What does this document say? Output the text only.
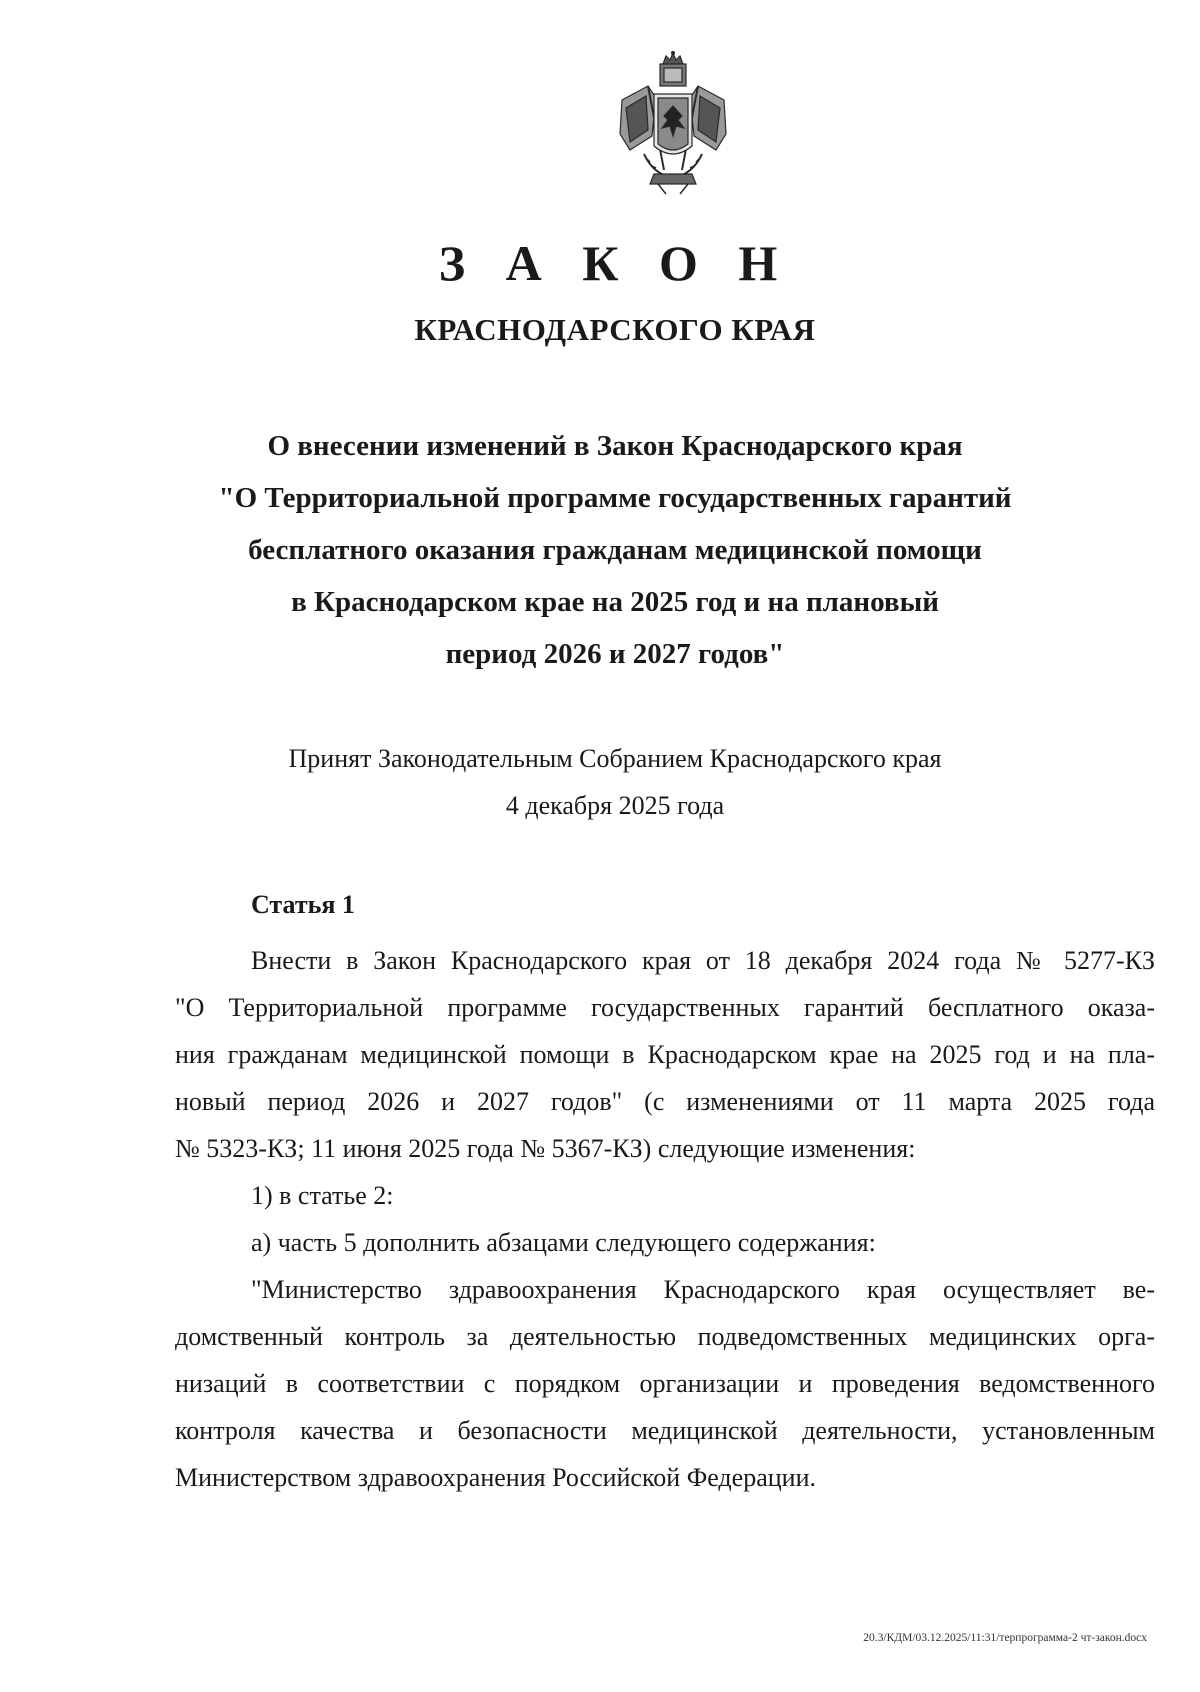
З А К О Н
КРАСНОДАРСКОГО КРАЯ
О внесении изменений в Закон Краснодарского края
"О Территориальной программе государственных гарантий
бесплатного оказания гражданам медицинской помощи
в Краснодарском крае на 2025 год и на плановый
период 2026 и 2027 годов"
Принят Законодательным Собранием Краснодарского края
4 декабря 2025 года
Статья 1
Внести в Закон Краснодарского края от 18 декабря 2024 года № 5277-КЗ
"О Территориальной программе государственных гарантий бесплатного оказа-
ния гражданам медицинской помощи в Краснодарском крае на 2025 год и на пла-
новый период 2026 и 2027 годов" (с изменениями от 11 марта 2025 года
№ 5323-КЗ; 11 июня 2025 года № 5367-КЗ) следующие изменения:
1) в статье 2:
а) часть 5 дополнить абзацами следующего содержания:
"Министерство здравоохранения Краснодарского края осуществляет ве-
домственный контроль за деятельностью подведомственных медицинских орга-
низаций в соответствии с порядком организации и проведения ведомственного
контроля качества и безопасности медицинской деятельности, установленным
Министерством здравоохранения Российской Федерации.
20.3/КДМ/03.12.2025/11:31/терпрограмма-2 чт-закон.docx
